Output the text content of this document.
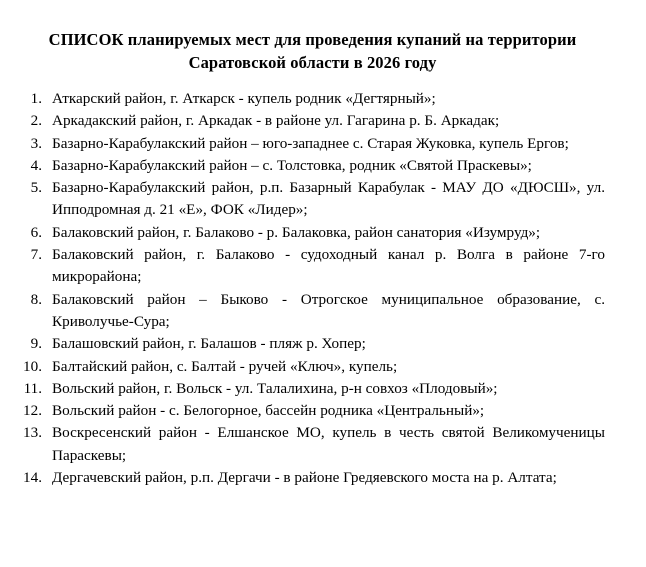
СПИСОК планируемых мест для проведения купаний на территории
Саратовской области в 2026 году
1. Аткарский район, г. Аткарск - купель родник «Дегтярный»;
2. Аркадакский район, г. Аркадак - в районе ул. Гагарина р. Б. Аркадак;
3. Базарно-Карабулакский район – юго-западнее с. Старая Жуковка, купель Ергов;
4. Базарно-Карабулакский район – с. Толстовка, родник «Святой Праскевы»;
5. Базарно-Карабулакский район, р.п. Базарный Карабулак - МАУ ДО «ДЮСШ», ул. Ипподромная д. 21 «Е», ФОК «Лидер»;
6. Балаковский район, г. Балаково - р. Балаковка, район санатория «Изумруд»;
7. Балаковский район, г. Балаково - судоходный канал р. Волга в районе 7-го микрорайона;
8. Балаковский район – Быково - Отрогское муниципальное образование, с. Криволучье-Сура;
9. Балашовский район, г. Балашов - пляж р. Хопер;
10. Балтайский район, с. Балтай - ручей «Ключ», купель;
11. Вольский район, г. Вольск - ул. Талалихина, р-н совхоз «Плодовый»;
12. Вольский район - с. Белогорное, бассейн родника «Центральный»;
13. Воскресенский район - Елшанское МО, купель в честь святой Великомученицы Параскевы;
14. Дергачевский район, р.п. Дергачи - в районе Гредяевского моста на р. Алтата;
